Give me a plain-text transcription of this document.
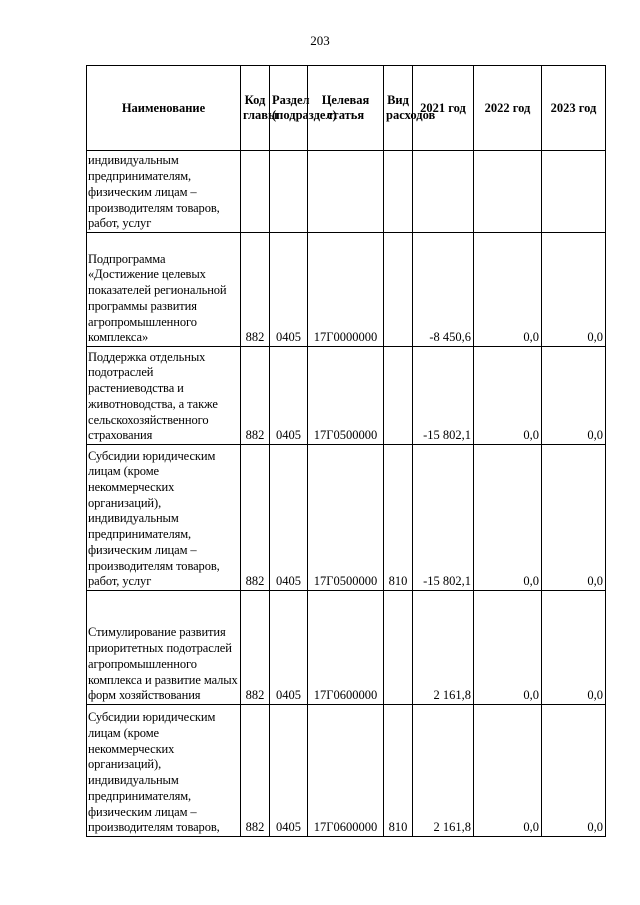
203
Наименование	Код главы	Раздел (подраздел)	Целевая статья	Вид расходов	2021 год	2022 год	2023 год
индивидуальным предпринимателям, физическим лицам – производителям товаров, работ, услуг							
Подпрограмма «Достижение целевых показателей региональной программы развития агропромышленного комплекса»	882	0405	17Г0000000		-8 450,6	0,0	0,0
Поддержка отдельных подотраслей растениеводства и животноводства, а также сельскохозяйственного страхования	882	0405	17Г0500000		-15 802,1	0,0	0,0
Субсидии юридическим лицам (кроме некоммерческих организаций), индивидуальным предпринимателям, физическим лицам – производителям товаров, работ, услуг	882	0405	17Г0500000	810	-15 802,1	0,0	0,0
Стимулирование развития приоритетных подотраслей агропромышленного комплекса и развитие малых форм хозяйствования	882	0405	17Г0600000		2 161,8	0,0	0,0
Субсидии юридическим лицам (кроме некоммерческих организаций), индивидуальным предпринимателям, физическим лицам – производителям товаров,	882	0405	17Г0600000	810	2 161,8	0,0	0,0
